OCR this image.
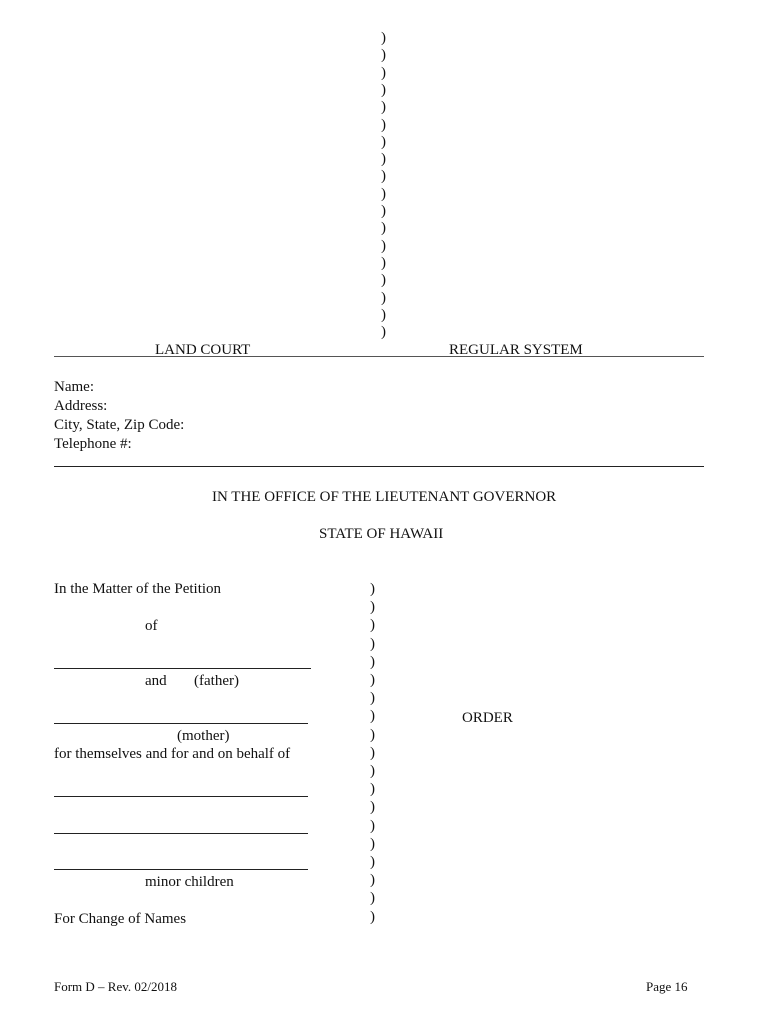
)
)
)
)
)
)
)
)
)
)
)
)
)
)
)
)
)
)
LAND COURT	REGULAR SYSTEM
Name:
Address:
City, State, Zip Code:
Telephone #:
IN THE OFFICE OF THE LIEUTENANT GOVERNOR
STATE OF HAWAII
In the Matter of the Petition
of
and (father)
(mother)
for themselves and for and on behalf of
minor children
For Change of Names
)
)
)
)
)
)
)
)
)
)
)
)
)
)
)
)
)
)
)
ORDER
Form D – Rev. 02/2018	Page 16
